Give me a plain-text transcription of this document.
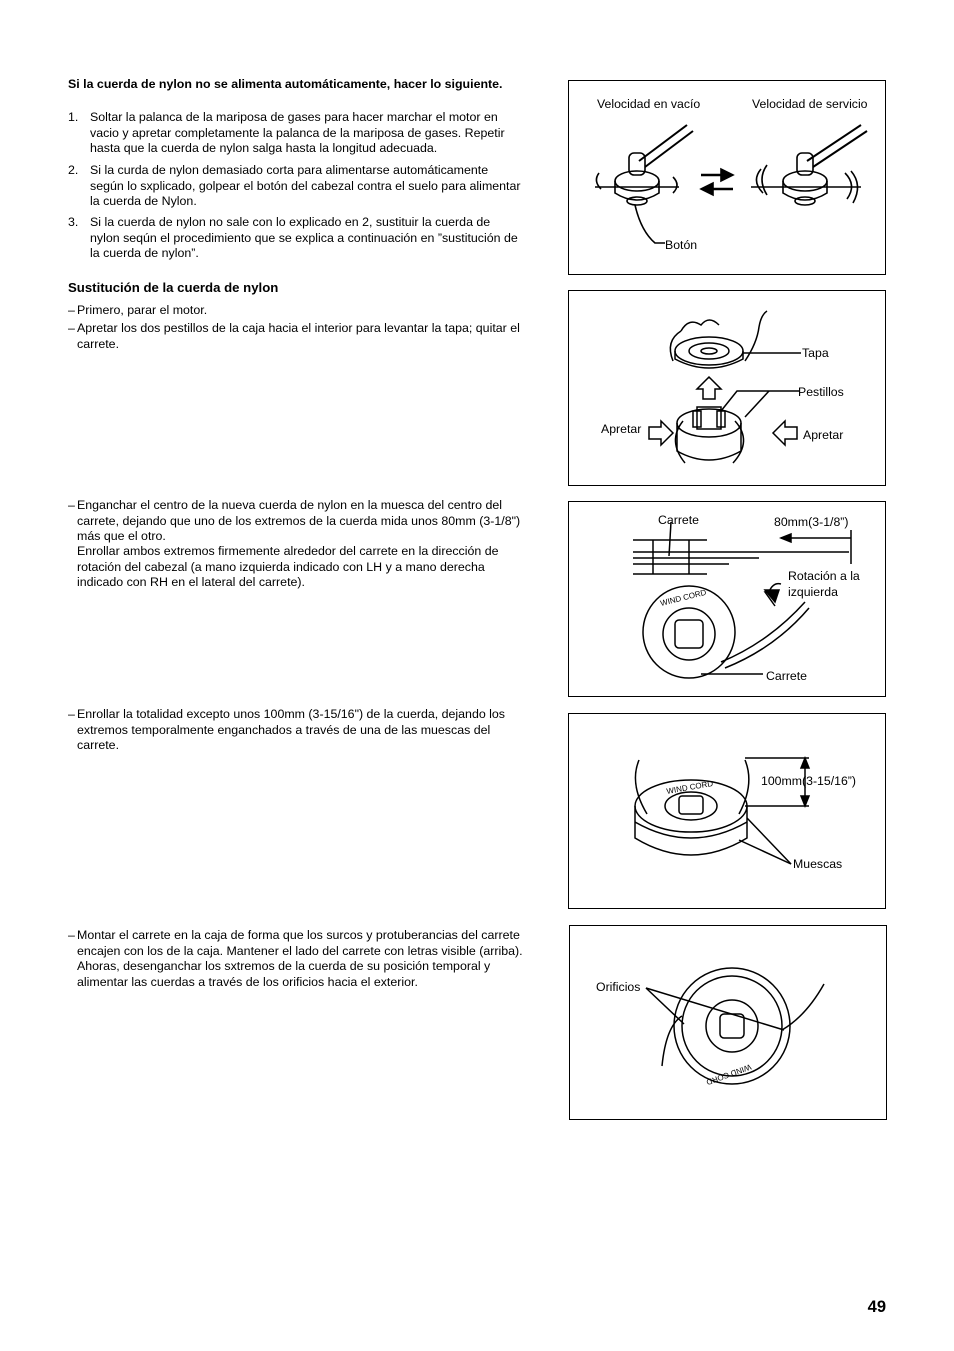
Si la cuerda de nylon no se alimenta automáticamente, hacer lo siguiente.
1. Soltar la palanca de la mariposa de gases para hacer marchar el motor en vacio y apretar completamente la palanca de la mariposa de gases. Repetir hasta que la cuerda de nylon salga hasta la longitud adecuada.
2. Si la curda de nylon demasiado corta para alimentarse automáticamente según lo sxplicado, golpear el botón del cabezal contra el suelo para alimentar la cuerda de Nylon.
3. Si la cuerda de nylon no sale con lo explicado en 2, sustituir la cuerda de nylon seqún el procedimiento que se explica a continuación en ”sustitución de la cuerda de nylon”.
Sustitución de la cuerda de nylon
– Primero, parar el motor.
– Apretar los dos pestillos de la caja hacia el interior para levantar la tapa; quitar el carrete.
– Enganchar el centro de la nueva cuerda de nylon en la muesca del centro del carrete, dejando que uno de los extremos de la cuerda mida unos 80mm (3-1/8") más que el otro.
Enrollar ambos extremos firmemente alrededor del carrete en la dirección de rotación del cabezal (a mano izquierda indicado con LH y a mano derecha indicado con RH en el lateral del carrete).
– Enrollar la totalidad excepto unos 100mm (3-15/16") de la cuerda, dejando los extremos temporalmente enganchados a través de una de las muescas del carrete.
– Montar el carrete en la caja de forma que los surcos y protuberancias del carrete encajen con los de la caja. Mantener el lado del carrete con letras visible (arriba). Ahoras, desenganchar los sxtremos de la cuerda de su posición temporal y alimentar las cuerdas a través de los orificios hacia el exterior.
Velocidad en vacío	Velocidad de servicio
Botón
Tapa
Pestillos
Apretar	Apretar
WIND CORD
Carrete	80mm(3-1/8”)
Rotación a la izquierda
Carrete
WIND CORD	100mm(3-15/16”)
Muescas
WIND CORD
Orificios
49
